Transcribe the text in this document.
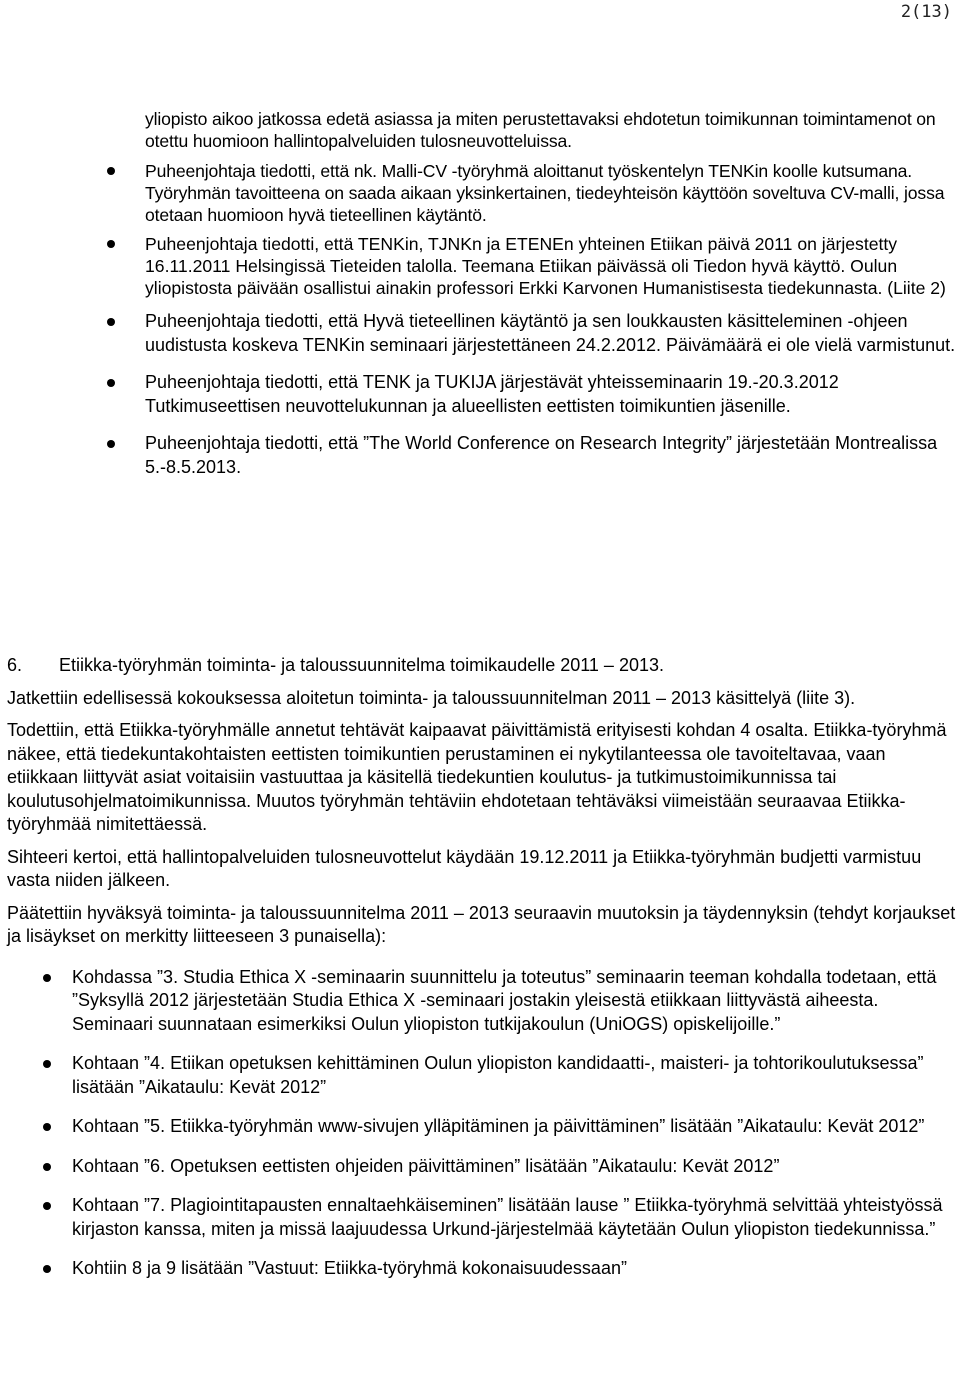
2(13)

yliopisto aikoo jatkossa edetä asiassa ja miten perustettavaksi ehdotetun toimikunnan toimintamenot on otettu huomioon hallintopalveluiden tulosneuvotteluissa.

Puheenjohtaja tiedotti, että nk. Malli-CV -työryhmä aloittanut työskentelyn TENKin koolle kutsumana. Työryhmän tavoitteena on saada aikaan yksinkertainen, tiedeyhteisön käyttöön soveltuva CV-malli, jossa otetaan huomioon hyvä tieteellinen käytäntö.
Puheenjohtaja tiedotti, että TENKin, TJNKn ja ETENEn yhteinen Etiikan päivä 2011 on järjestetty 16.11.2011 Helsingissä Tieteiden talolla. Teemana Etiikan päivässä oli Tiedon hyvä käyttö. Oulun yliopistosta päivään osallistui ainakin professori Erkki Karvonen Humanistisesta tiedekunnasta. (Liite 2)
Puheenjohtaja tiedotti, että Hyvä tieteellinen käytäntö ja sen loukkausten käsitteleminen -ohjeen uudistusta koskeva TENKin seminaari järjestettäneen 24.2.2012. Päivämäärä ei ole vielä varmistunut.
Puheenjohtaja tiedotti, että TENK ja TUKIJA järjestävät yhteisseminaarin 19.-20.3.2012 Tutkimuseettisen neuvottelukunnan ja alueellisten eettisten toimikuntien jäsenille.
Puheenjohtaja tiedotti, että ”The World Conference on Research Integrity” järjestetään Montrealissa 5.-8.5.2013.

6.	Etiikka-työryhmän toiminta- ja taloussuunnitelma toimikaudelle 2011 – 2013.

Jatkettiin edellisessä kokouksessa aloitetun toiminta- ja taloussuunnitelman 2011 – 2013 käsittelyä (liite 3).

Todettiin, että Etiikka-työryhmälle annetut tehtävät kaipaavat päivittämistä erityisesti kohdan 4 osalta. Etiikka-työryhmä näkee, että tiedekuntakohtaisten eettisten toimikuntien perustaminen ei nykytilanteessa ole tavoiteltavaa, vaan etiikkaan liittyvät asiat voitaisiin vastuuttaa ja käsitellä tiedekuntien koulutus- ja tutkimustoimikunnissa tai koulutusohjelmatoimikunnissa. Muutos työryhmän tehtäviin ehdotetaan tehtäväksi viimeistään seuraavaa Etiikka-työryhmää nimitettäessä.

Sihteeri kertoi, että hallintopalveluiden tulosneuvottelut käydään 19.12.2011 ja Etiikka-työryhmän budjetti varmistuu vasta niiden jälkeen.

Päätettiin hyväksyä toiminta- ja taloussuunnitelma 2011 – 2013 seuraavin muutoksin ja täydennyksin (tehdyt korjaukset ja lisäykset on merkitty liitteeseen 3 punaisella):

Kohdassa ”3. Studia Ethica X -seminaarin suunnittelu ja toteutus” seminaarin teeman kohdalla todetaan, että ”Syksyllä 2012 järjestetään Studia Ethica X -seminaari jostakin yleisestä etiikkaan liittyvästä aiheesta. Seminaari suunnataan esimerkiksi Oulun yliopiston tutkijakoulun (UniOGS) opiskelijoille.”
Kohtaan ”4. Etiikan opetuksen kehittäminen Oulun yliopiston kandidaatti-, maisteri- ja tohtorikoulutuksessa” lisätään ”Aikataulu: Kevät 2012”
Kohtaan ”5. Etiikka-työryhmän www-sivujen ylläpitäminen ja päivittäminen” lisätään ”Aikataulu: Kevät 2012”
Kohtaan ”6. Opetuksen eettisten ohjeiden päivittäminen” lisätään ”Aikataulu: Kevät 2012”
Kohtaan ”7. Plagiointitapausten ennaltaehkäiseminen” lisätään lause ” Etiikka-työryhmä selvittää yhteistyössä kirjaston kanssa, miten ja missä laajuudessa Urkund-järjestelmää käytetään Oulun yliopiston tiedekunnissa.”
Kohtiin 8 ja 9 lisätään ”Vastuut: Etiikka-työryhmä kokonaisuudessaan”
